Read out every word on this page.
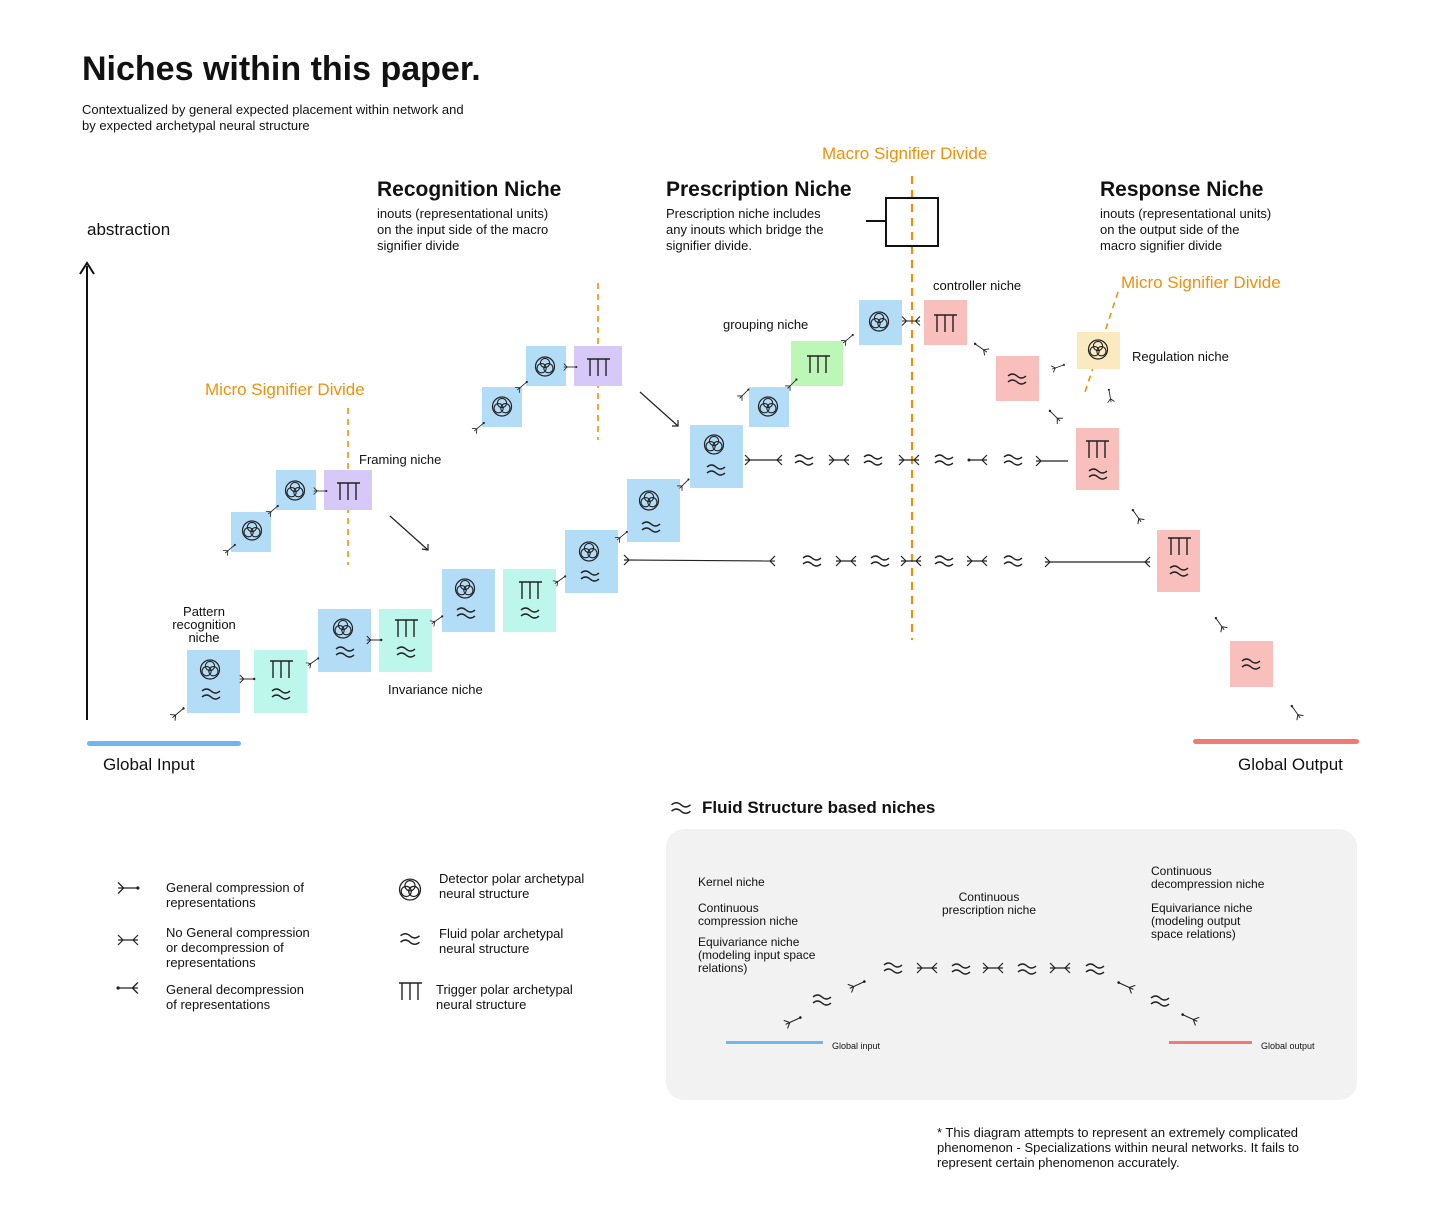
Niches within this paper.
Contextualized by general expected placement within network and
by expected archetypal neural structure
Recognition Niche
inouts (representational units)
on the input side of the macro
signifier divide
Prescription Niche
Prescription niche includes
any inouts which bridge the
signifier divide.
Response Niche
inouts (representational units)
on the output side of the
macro signifier divide
Macro Signifier Divide
Micro Signifier Divide
Micro Signifier Divide
abstraction
Global Input	Global Output
Pattern
recognition
niche
Framing niche
Invariance niche
grouping niche
controller niche
Regulation niche
General compression of
representations
No General compression
or decompression of
representations
General decompression
of representations
Detector polar archetypal
neural structure
Fluid polar archetypal
neural structure
Trigger polar archetypal
neural structure
Fluid Structure based niches
Kernel niche
Continuous
compression niche
Equivariance niche
(modeling input space
relations)
Continuous
prescription niche
Continuous
decompression niche
Equivariance niche
(modeling output
space relations)
Global input	Global output
* This diagram attempts to represent an extremely complicated
phenomenon - Specializations within neural networks. It fails to
represent certain phenomenon accurately.
